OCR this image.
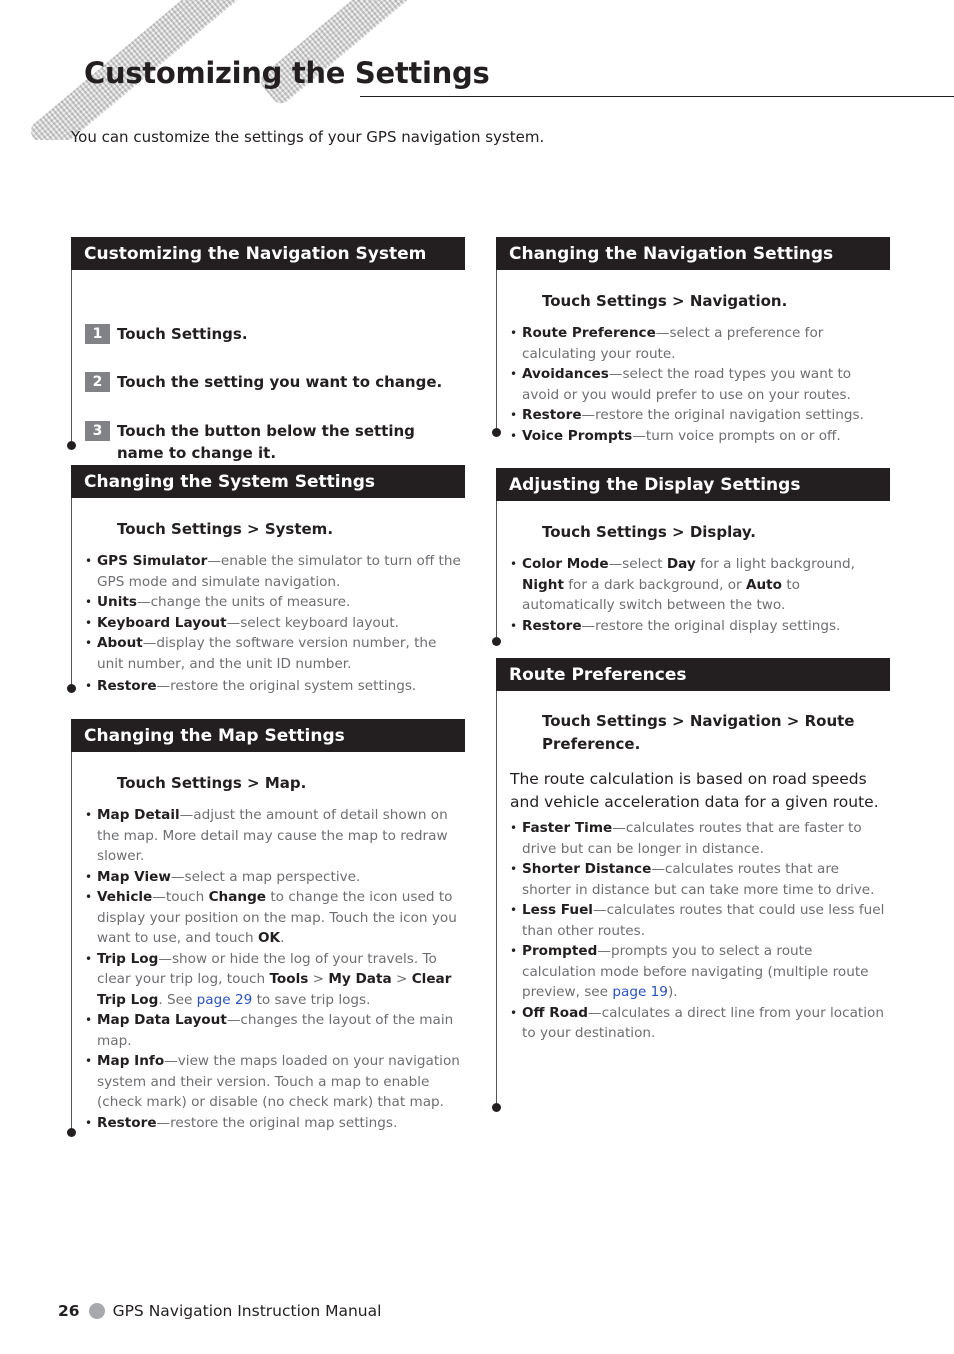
Customizing the Settings

You can customize the settings of your GPS navigation system.

Customizing the Navigation System
1 Touch Settings.
2 Touch the setting you want to change.
3 Touch the button below the setting name to change it.
Changing the System Settings
Touch Settings > System.
• GPS Simulator—enable the simulator to turn off the GPS mode and simulate navigation.
• Units—change the units of measure.
• Keyboard Layout—select keyboard layout.
• About—display the software version number, the unit number, and the unit ID number.
• Restore—restore the original system settings.
Changing the Map Settings
Touch Settings > Map.
• Map Detail—adjust the amount of detail shown on the map. More detail may cause the map to redraw slower.
• Map View—select a map perspective.
• Vehicle—touch Change to change the icon used to display your position on the map. Touch the icon you want to use, and touch OK.
• Trip Log—show or hide the log of your travels. To clear your trip log, touch Tools > My Data > Clear Trip Log. See page 29 to save trip logs.
• Map Data Layout—changes the layout of the main map.
• Map Info—view the maps loaded on your navigation system and their version. Touch a map to enable (check mark) or disable (no check mark) that map.
• Restore—restore the original map settings.
Changing the Navigation Settings
Touch Settings > Navigation.
• Route Preference—select a preference for calculating your route.
• Avoidances—select the road types you want to avoid or you would prefer to use on your routes.
• Restore—restore the original navigation settings.
• Voice Prompts—turn voice prompts on or off.
Adjusting the Display Settings
Touch Settings > Display.
• Color Mode—select Day for a light background, Night for a dark background, or Auto to automatically switch between the two.
• Restore—restore the original display settings.
Route Preferences
Touch Settings > Navigation > Route Preference.
The route calculation is based on road speeds and vehicle acceleration data for a given route.
• Faster Time—calculates routes that are faster to drive but can be longer in distance.
• Shorter Distance—calculates routes that are shorter in distance but can take more time to drive.
• Less Fuel—calculates routes that could use less fuel than other routes.
• Prompted—prompts you to select a route calculation mode before navigating (multiple route preview, see page 19).
• Off Road—calculates a direct line from your location to your destination.
26 GPS Navigation Instruction Manual
